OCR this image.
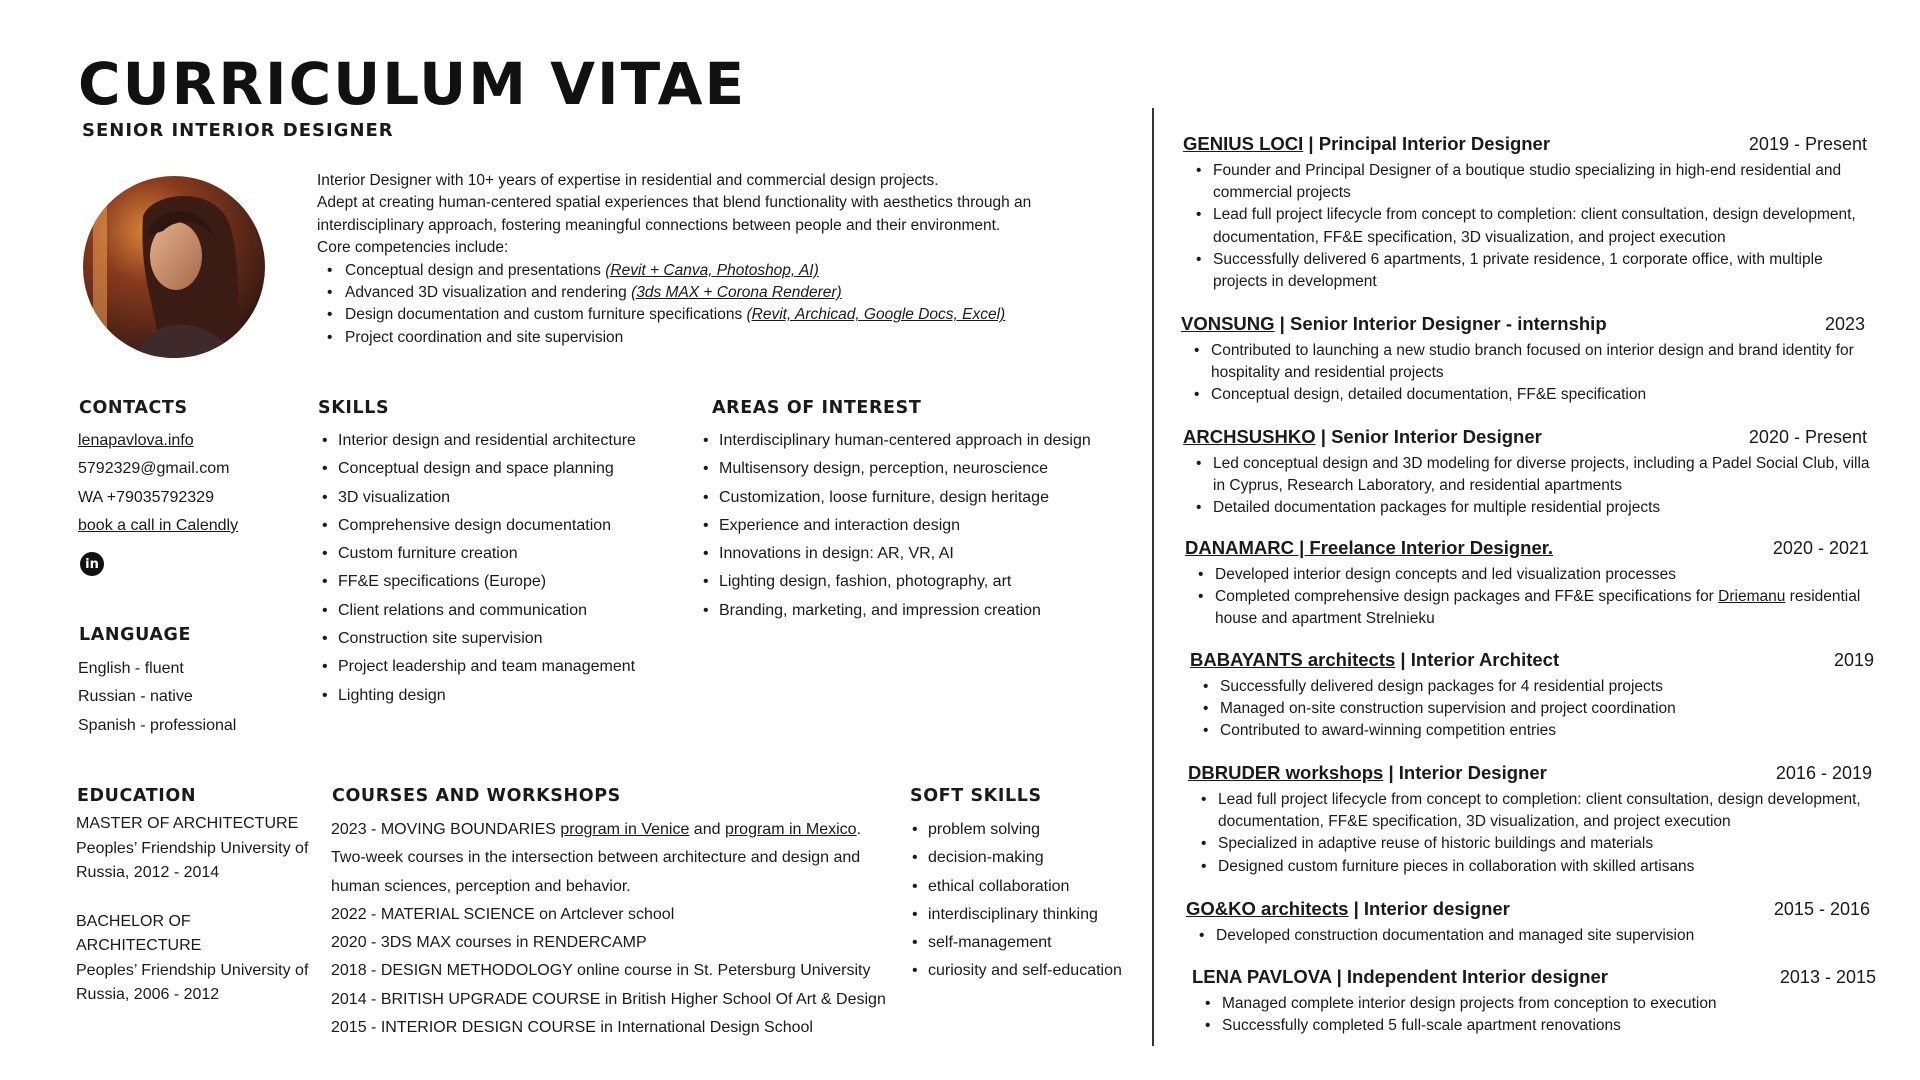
CURRICULUM VITAE
SENIOR INTERIOR DESIGNER
Interior Designer with 10+ years of expertise in residential and commercial design projects.
Adept at creating human-centered spatial experiences that blend functionality with aesthetics through an interdisciplinary approach, fostering meaningful connections between people and their environment.
Core competencies include:
• Conceptual design and presentations (Revit + Canva, Photoshop, AI)
• Advanced 3D visualization and rendering (3ds MAX + Corona Renderer)
• Design documentation and custom furniture specifications (Revit, Archicad, Google Docs, Excel)
• Project coordination and site supervision
CONTACTS
lenapavlova.info
5792329@gmail.com
WA +79035792329
book a call in Calendly
in
LANGUAGE
English - fluent
Russian - native
Spanish - professional
SKILLS
• Interior design and residential architecture
• Conceptual design and space planning
• 3D visualization
• Comprehensive design documentation
• Custom furniture creation
• FF&E specifications (Europe)
• Client relations and communication
• Construction site supervision
• Project leadership and team management
• Lighting design
AREAS OF INTEREST
• Interdisciplinary human-centered approach in design
• Multisensory design, perception, neuroscience
• Customization, loose furniture, design heritage
• Experience and interaction design
• Innovations in design: AR, VR, AI
• Lighting design, fashion, photography, art
• Branding, marketing, and impression creation
EDUCATION
MASTER OF ARCHITECTURE
Peoples’ Friendship University of Russia, 2012 - 2014
BACHELOR OF ARCHITECTURE
Peoples’ Friendship University of Russia, 2006 - 2012
COURSES AND WORKSHOPS
2023 - MOVING BOUNDARIES program in Venice and program in Mexico.
Two-week courses in the intersection between architecture and design and human sciences, perception and behavior.
2022 - MATERIAL SCIENCE on Artclever school
2020 - 3DS MAX courses in RENDERCAMP
2018 - DESIGN METHODOLOGY online course in St. Petersburg University
2014 - BRITISH UPGRADE COURSE in British Higher School Of Art & Design
2015 - INTERIOR DESIGN COURSE in International Design School
SOFT SKILLS
• problem solving
• decision-making
• ethical collaboration
• interdisciplinary thinking
• self-management
• curiosity and self-education
GENIUS LOCI | Principal Interior Designer	2019 - Present
• Founder and Principal Designer of a boutique studio specializing in high-end residential and commercial projects
• Lead full project lifecycle from concept to completion: client consultation, design development, documentation, FF&E specification, 3D visualization, and project execution
• Successfully delivered 6 apartments, 1 private residence, 1 corporate office, with multiple projects in development
VONSUNG | Senior Interior Designer - internship	2023
• Contributed to launching a new studio branch focused on interior design and brand identity for hospitality and residential projects
• Conceptual design, detailed documentation, FF&E specification
ARCHSUSHKO | Senior Interior Designer	2020 - Present
• Led conceptual design and 3D modeling for diverse projects, including a Padel Social Club, villa in Cyprus, Research Laboratory, and residential apartments
• Detailed documentation packages for multiple residential projects
DANAMARC | Freelance Interior Designer.	2020 - 2021
• Developed interior design concepts and led visualization processes
• Completed comprehensive design packages and FF&E specifications for Driemanu residential house and apartment Strelnieku
BABAYANTS architects | Interior Architect	2019
• Successfully delivered design packages for 4 residential projects
• Managed on-site construction supervision and project coordination
• Contributed to award-winning competition entries
DBRUDER workshops | Interior Designer	2016 - 2019
• Lead full project lifecycle from concept to completion: client consultation, design development, documentation, FF&E specification, 3D visualization, and project execution
• Specialized in adaptive reuse of historic buildings and materials
• Designed custom furniture pieces in collaboration with skilled artisans
GO&KO architects | Interior designer	2015 - 2016
• Developed construction documentation and managed site supervision
LENA PAVLOVA | Independent Interior designer	2013 - 2015
• Managed complete interior design projects from conception to execution
• Successfully completed 5 full-scale apartment renovations
